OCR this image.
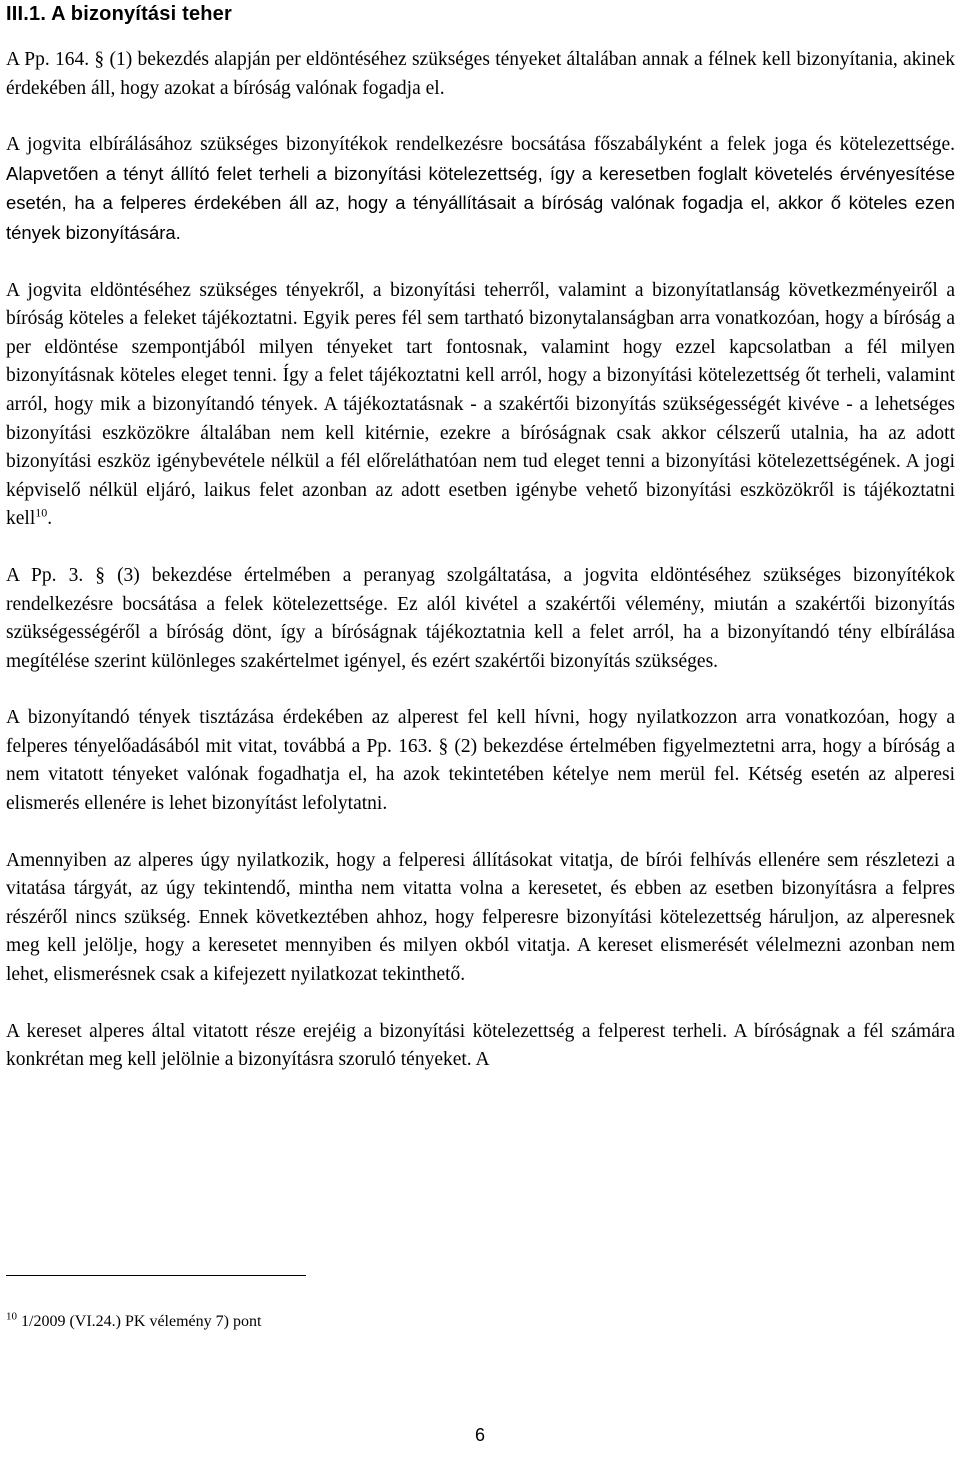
III.1. A bizonyítási teher

A Pp. 164. § (1) bekezdés alapján per eldöntéséhez szükséges tényeket általában annak a félnek kell bizonyítania, akinek érdekében áll, hogy azokat a bíróság valónak fogadja el.

A jogvita elbírálásához szükséges bizonyítékok rendelkezésre bocsátása főszabályként a felek joga és kötelezettsége. Alapvetően a tényt állító felet terheli a bizonyítási kötelezettség, így a keresetben foglalt követelés érvényesítése esetén, ha a felperes érdekében áll az, hogy a tényállításait a bíróság valónak fogadja el, akkor ő köteles ezen tények bizonyítására.

A jogvita eldöntéséhez szükséges tényekről, a bizonyítási teherről, valamint a bizonyítatlanság következményeiről a bíróság köteles a feleket tájékoztatni. Egyik peres fél sem tartható bizonytalanságban arra vonatkozóan, hogy a bíróság a per eldöntése szempontjából milyen tényeket tart fontosnak, valamint hogy ezzel kapcsolatban a fél milyen bizonyításnak köteles eleget tenni. Így a felet tájékoztatni kell arról, hogy a bizonyítási kötelezettség őt terheli, valamint arról, hogy mik a bizonyítandó tények. A tájékoztatásnak - a szakértői bizonyítás szükségességét kivéve - a lehetséges bizonyítási eszközökre általában nem kell kitérnie, ezekre a bíróságnak csak akkor célszerű utalnia, ha az adott bizonyítási eszköz igénybevétele nélkül a fél előreláthatóan nem tud eleget tenni a bizonyítási kötelezettségének. A jogi képviselő nélkül eljáró, laikus felet azonban az adott esetben igénybe vehető bizonyítási eszközökről is tájékoztatni kell$^{10}$.

A Pp. 3. § (3) bekezdése értelmében a peranyag szolgáltatása, a jogvita eldöntéséhez szükséges bizonyítékok rendelkezésre bocsátása a felek kötelezettsége. Ez alól kivétel a szakértői vélemény, miután a szakértői bizonyítás szükségességéről a bíróság dönt, így a bíróságnak tájékoztatnia kell a felet arról, ha a bizonyítandó tény elbírálása megítélése szerint különleges szakértelmet igényel, és ezért szakértői bizonyítás szükséges.

A bizonyítandó tények tisztázása érdekében az alperest fel kell hívni, hogy nyilatkozzon arra vonatkozóan, hogy a felperes tényelőadásából mit vitat, továbbá a Pp. 163. § (2) bekezdése értelmében figyelmeztetni arra, hogy a bíróság a nem vitatott tényeket valónak fogadhatja el, ha azok tekintetében kételye nem merül fel. Kétség esetén az alperesi elismerés ellenére is lehet bizonyítást lefolytatni.

Amennyiben az alperes úgy nyilatkozik, hogy a felperesi állításokat vitatja, de bírói felhívás ellenére sem részletezi a vitatása tárgyát, az úgy tekintendő, mintha nem vitatta volna a keresetet, és ebben az esetben bizonyításra a felpres részéről nincs szükség. Ennek következtében ahhoz, hogy felperesre bizonyítási kötelezettség háruljon, az alperesnek meg kell jelölje, hogy a keresetet mennyiben és milyen okból vitatja. A kereset elismerését vélelmezni azonban nem lehet, elismerésnek csak a kifejezett nyilatkozat tekinthető.

A kereset alperes által vitatott része erejéig a bizonyítási kötelezettség a felperest terheli. A bíróságnak a fél számára konkrétan meg kell jelölnie a bizonyításra szoruló tényeket. A

$^{10}$ 1/2009 (VI.24.) PK vélemény 7) pont
6
